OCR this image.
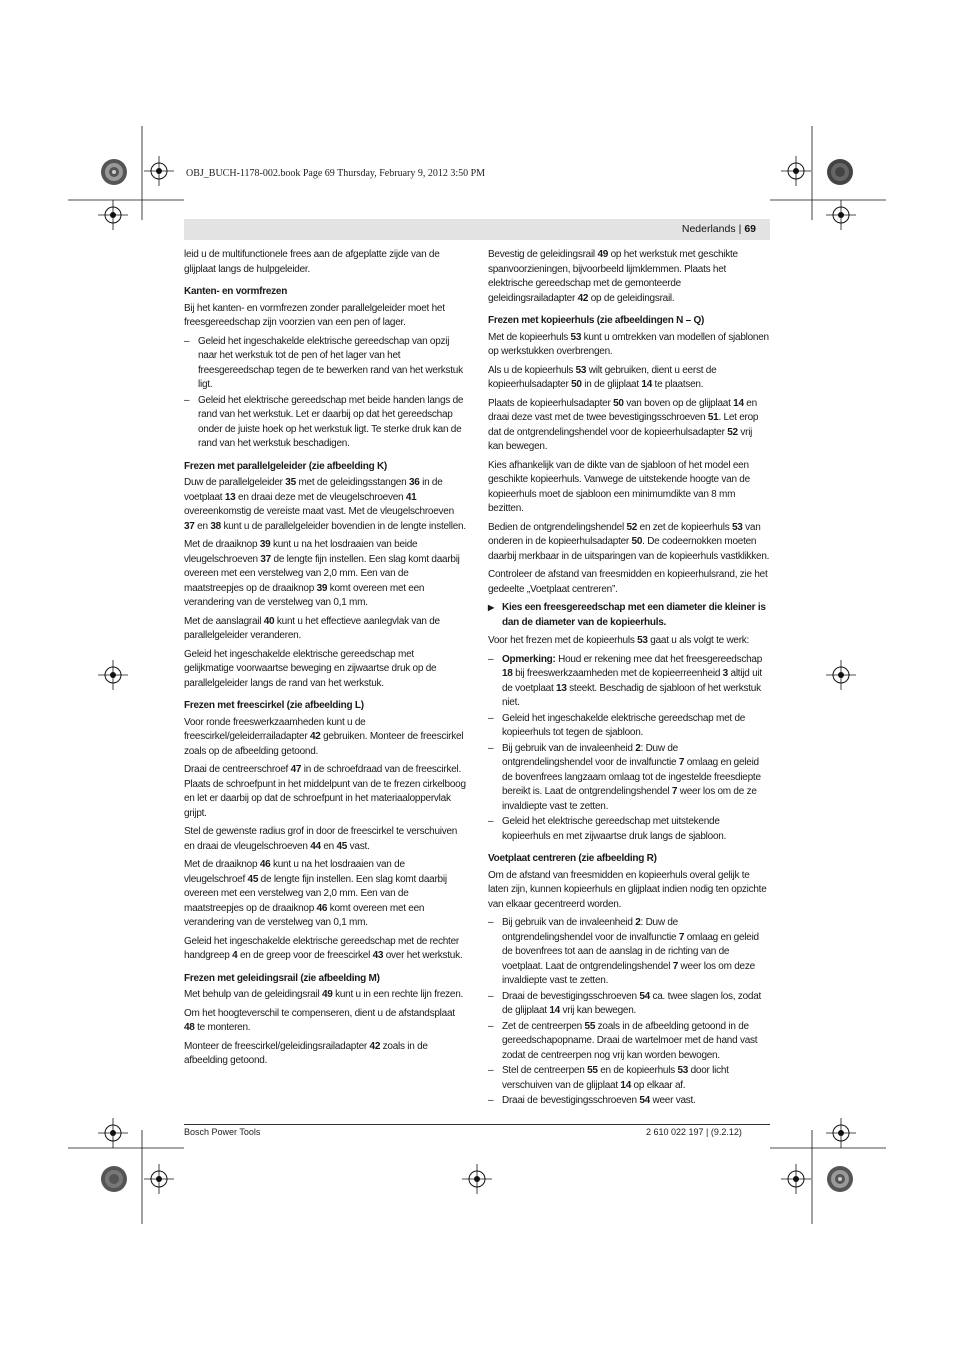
OBJ_BUCH-1178-002.book Page 69 Thursday, February 9, 2012 3:50 PM
Nederlands | 69

leid u de multifunctionele frees aan de afgeplatte zijde van de glijplaat langs de hulpgeleider.

Kanten- en vormfrezen

Bij het kanten- en vormfrezen zonder parallelgeleider moet het freesgereedschap zijn voorzien van een pen of lager.

– Geleid het ingeschakelde elektrische gereedschap van opzij naar het werkstuk tot de pen of het lager van het freesgereedschap tegen de te bewerken rand van het werkstuk ligt.
– Geleid het elektrische gereedschap met beide handen langs de rand van het werkstuk. Let er daarbij op dat het gereedschap onder de juiste hoek op het werkstuk ligt. Te sterke druk kan de rand van het werkstuk beschadigen.
Frezen met parallelgeleider (zie afbeelding K)

Duw de parallelgeleider 35 met de geleidingsstangen 36 in de voetplaat 13 en draai deze met de vleugelschroeven 41 overeenkomstig de vereiste maat vast. Met de vleugelschroeven 37 en 38 kunt u de parallelgeleider bovendien in de lengte instellen.

Met de draaiknop 39 kunt u na het losdraaien van beide vleugelschroeven 37 de lengte fijn instellen. Een slag komt daarbij overeen met een verstelweg van 2,0 mm. Een van de maatstreepjes op de draaiknop 39 komt overeen met een verandering van de verstelweg van 0,1 mm.

Met de aanslagrail 40 kunt u het effectieve aanlegvlak van de parallelgeleider veranderen.

Geleid het ingeschakelde elektrische gereedschap met gelijkmatige voorwaartse beweging en zijwaartse druk op de parallelgeleider langs de rand van het werkstuk.

Frezen met freescirkel (zie afbeelding L)

Voor ronde freeswerkzaamheden kunt u de freescirkel/geleiderrailadapter 42 gebruiken. Monteer de freescirkel zoals op de afbeelding getoond.

Draai de centreerschroef 47 in de schroefdraad van de freescirkel. Plaats de schroefpunt in het middelpunt van de te frezen cirkelboog en let er daarbij op dat de schroefpunt in het materiaaloppervlak grijpt.

Stel de gewenste radius grof in door de freescirkel te verschuiven en draai de vleugelschroeven 44 en 45 vast.

Met de draaiknop 46 kunt u na het losdraaien van de vleugelschroef 45 de lengte fijn instellen. Een slag komt daarbij overeen met een verstelweg van 2,0 mm. Een van de maatstreepjes op de draaiknop 46 komt overeen met een verandering van de verstelweg van 0,1 mm.

Geleid het ingeschakelde elektrische gereedschap met de rechter handgreep 4 en de greep voor de freescirkel 43 over het werkstuk.

Frezen met geleidingsrail (zie afbeelding M)

Met behulp van de geleidingsrail 49 kunt u in een rechte lijn frezen.

Om het hoogteverschil te compenseren, dient u de afstandsplaat 48 te monteren.

Monteer de freescirkel/geleidingsrailadapter 42 zoals in de afbeelding getoond.

Bevestig de geleidingsrail 49 op het werkstuk met geschikte spanvoorzieningen, bijvoorbeeld lijmklemmen. Plaats het elektrische gereedschap met de gemonteerde geleidingsrailadapter 42 op de geleidingsrail.

Frezen met kopieerhuls (zie afbeeldingen N – Q)

Met de kopieerhuls 53 kunt u omtrekken van modellen of sjablonen op werkstukken overbrengen.

Als u de kopieerhuls 53 wilt gebruiken, dient u eerst de kopieerhulsadapter 50 in de glijplaat 14 te plaatsen.

Plaats de kopieerhulsadapter 50 van boven op de glijplaat 14 en draai deze vast met de twee bevestigingsschroeven 51. Let erop dat de ontgrendelingshendel voor de kopieerhulsadapter 52 vrij kan bewegen.

Kies afhankelijk van de dikte van de sjabloon of het model een geschikte kopieerhuls. Vanwege de uitstekende hoogte van de kopieerhuls moet de sjabloon een minimumdikte van 8 mm bezitten.

Bedien de ontgrendelingshendel 52 en zet de kopieerhuls 53 van onderen in de kopieerhulsadapter 50. De codeernokken moeten daarbij merkbaar in de uitsparingen van de kopieerhuls vastklikken.

Controleer de afstand van freesmidden en kopieerhulsrand, zie het gedeelte „Voetplaat centreren”.

▶ Kies een freesgereedschap met een diameter die kleiner is dan de diameter van de kopieerhuls.

Voor het frezen met de kopieerhuls 53 gaat u als volgt te werk:

– Opmerking: Houd er rekening mee dat het freesgereedschap 18 bij freeswerkzaamheden met de kopieerreenheid 3 altijd uit de voetplaat 13 steekt. Beschadig de sjabloon of het werkstuk niet.
– Geleid het ingeschakelde elektrische gereedschap met de kopieerhuls tot tegen de sjabloon.
– Bij gebruik van de invaleenheid 2: Duw de ontgrendelingshendel voor de invalfunctie 7 omlaag en geleid de bovenfrees langzaam omlaag tot de ingestelde freesdiepte bereikt is. Laat de ontgrendelingshendel 7 weer los om de ze invaldiepte vast te zetten.
– Geleid het elektrische gereedschap met uitstekende kopieerhuls en met zijwaartse druk langs de sjabloon.
Voetplaat centreren (zie afbeelding R)

Om de afstand van freesmidden en kopieerhuls overal gelijk te laten zijn, kunnen kopieerhuls en glijplaat indien nodig ten opzichte van elkaar gecentreerd worden.

– Bij gebruik van de invaleenheid 2: Duw de ontgrendelingshendel voor de invalfunctie 7 omlaag en geleid de bovenfrees tot aan de aanslag in de richting van de voetplaat. Laat de ontgrendelingshendel 7 weer los om deze invaldiepte vast te zetten.
– Draai de bevestigingsschroeven 54 ca. twee slagen los, zodat de glijplaat 14 vrij kan bewegen.
– Zet de centreerpen 55 zoals in de afbeelding getoond in de gereedschapopname. Draai de wartelmoer met de hand vast zodat de centreerpen nog vrij kan worden bewogen.
– Stel de centreerpen 55 en de kopieerhuls 53 door licht verschuiven van de glijplaat 14 op elkaar af.
– Draai de bevestigingsschroeven 54 weer vast.
Bosch Power Tools	2 610 022 197 | (9.2.12)
